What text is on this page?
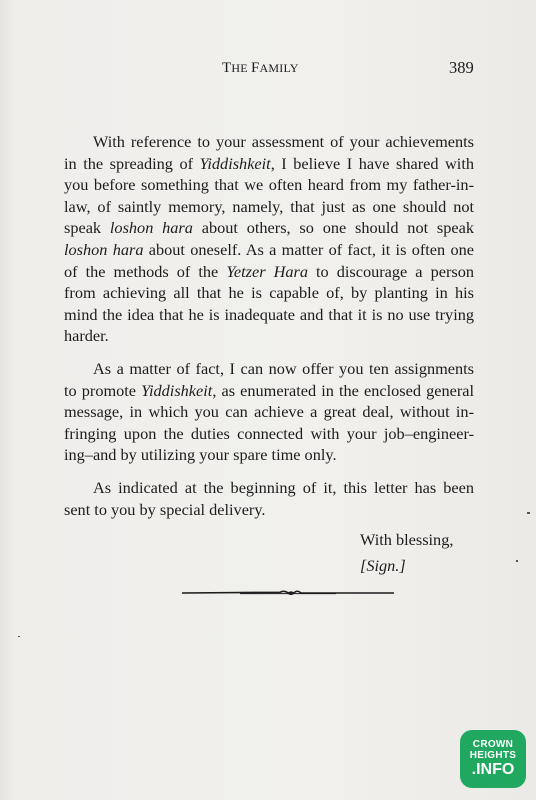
THE FAMILY	389
With reference to your assessment of your achievements
in the spreading of Yiddishkeit, I believe I have shared with
you before something that we often heard from my father-in-
law, of saintly memory, namely, that just as one should not
speak loshon hara about others, so one should not speak
loshon hara about oneself. As a matter of fact, it is often one
of the methods of the Yetzer Hara to discourage a person
from achieving all that he is capable of, by planting in his
mind the idea that he is inadequate and that it is no use trying
harder.
As a matter of fact, I can now offer you ten assignments
to promote Yiddishkeit, as enumerated in the enclosed general
message, in which you can achieve a great deal, without in-
fringing upon the duties connected with your job–engineer-
ing–and by utilizing your spare time only.
As indicated at the beginning of it, this letter has been
sent to you by special delivery.
With blessing,
[Sign.]
CROWN HEIGHTS
.INFO
